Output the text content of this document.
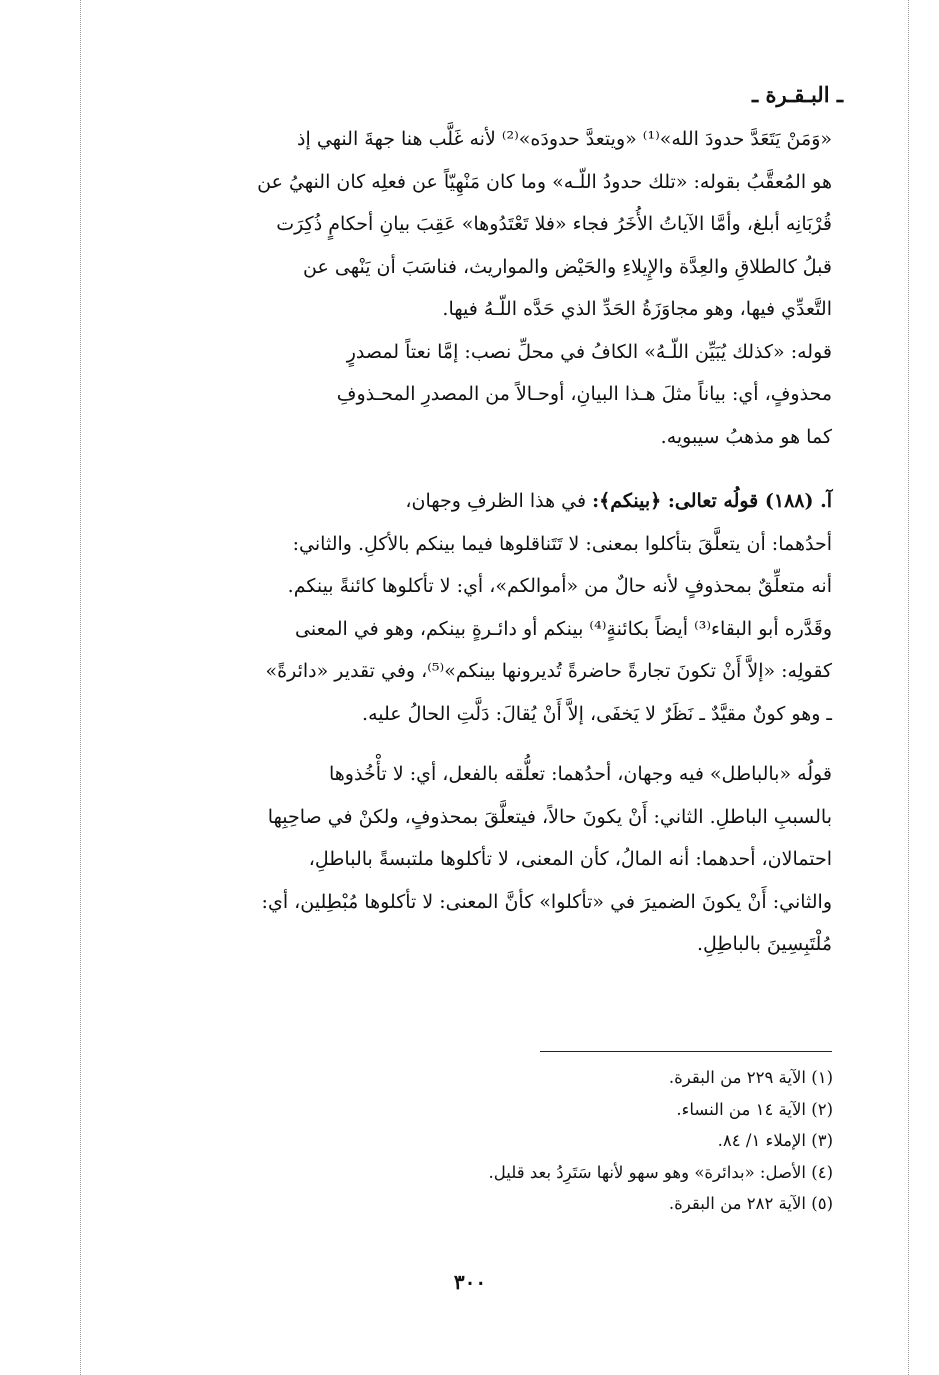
ـ البـقـرة ـ

«وَمَنْ يَتَعَدَّ حدودَ الله»⁽¹⁾ «ويتعدَّ حدودَه»⁽²⁾ لأنه غَلَّب هنا جهةَ النهي إذ
هو المُعقَّبُ بقوله: «تلك حدودُ اللّـه» وما كان مَنْهِيّاً عن فعلِه كان النهيُ عن
قُرْبَانِه أبلغ، وأمَّا الآياتُ الأُخَرُ فجاء «فلا تَعْتَدُوها» عَقِبَ بيانِ أحكامٍ ذُكِرَت
قبلُ كالطلاقِ والعِدَّة والإِيلاءِ والحَيْض والمواريث، فناسَبَ أن يَنْهى عن
التَّعدِّي فيها، وهو مجاوَزَةُ الحَدِّ الذي حَدَّه اللّـهُ فيها.

قوله: «كذلك يُبَيِّن اللّـهُ» الكافُ في محلِّ نصب: إمَّا نعتاً لمصدرٍ
محذوفٍ، أي: بياناً مثلَ هـذا البيانِ، أوحـالاً من المصدرِ المحـذوفِ
كما هو مذهبُ سيبويه.

آ. (١٨٨) قولُه تعالى: ﴿بينكم﴾: في هذا الظرفِ وجهان،
أحدُهما: أن يتعلَّقَ بتأكلوا بمعنى: لا تَتَناقلوها فيما بينكم بالأكلِ. والثاني:
أنه متعلِّقٌ بمحذوفٍ لأنه حالٌ من «أموالكم»، أي: لا تأكلوها كائنةً بينكم.
وقَدَّره أبو البقاء⁽³⁾ أيضاً بكائنةٍ⁽⁴⁾ بينكم أو دائـرةٍ بينكم، وهو في المعنى
كقولِه: «إلاَّ أَنْ تكونَ تجارةً حاضرةً تُديرونها بينكم»⁽⁵⁾، وفي تقدير «دائرةً»
ـ وهو كونٌ مقيَّدٌ ـ نَظَرٌ لا يَخفَى، إلاَّ أَنْ يُقالَ: دَلَّتِ الحالُ عليه.

قولُه «بالباطل» فيه وجهان، أحدُهما: تعلُّقه بالفعل، أي: لا تأْخُذوها
بالسببِ الباطلِ. الثاني: أَنْ يكونَ حالاً، فيتعلَّقَ بمحذوفٍ، ولكنْ في صاحِبِها
احتمالان، أحدهما: أنه المالُ، كأن المعنى، لا تأكلوها ملتبسةً بالباطلِ،
والثاني: أَنْ يكونَ الضميرَ في «تأكلوا» كأنَّ المعنى: لا تأكلوها مُبْطِلين، أي:
مُلْتَبِسِينَ بالباطِلِ.

(١) الآية ٢٢٩ من البقرة.
(٢) الآية ١٤ من النساء.
(٣) الإملاء ١/ ٨٤.
(٤) الأصل: «بدائرة» وهو سهو لأنها سَتَرِدُ بعد قليل.
(٥) الآية ٢٨٢ من البقرة.
٣٠٠
